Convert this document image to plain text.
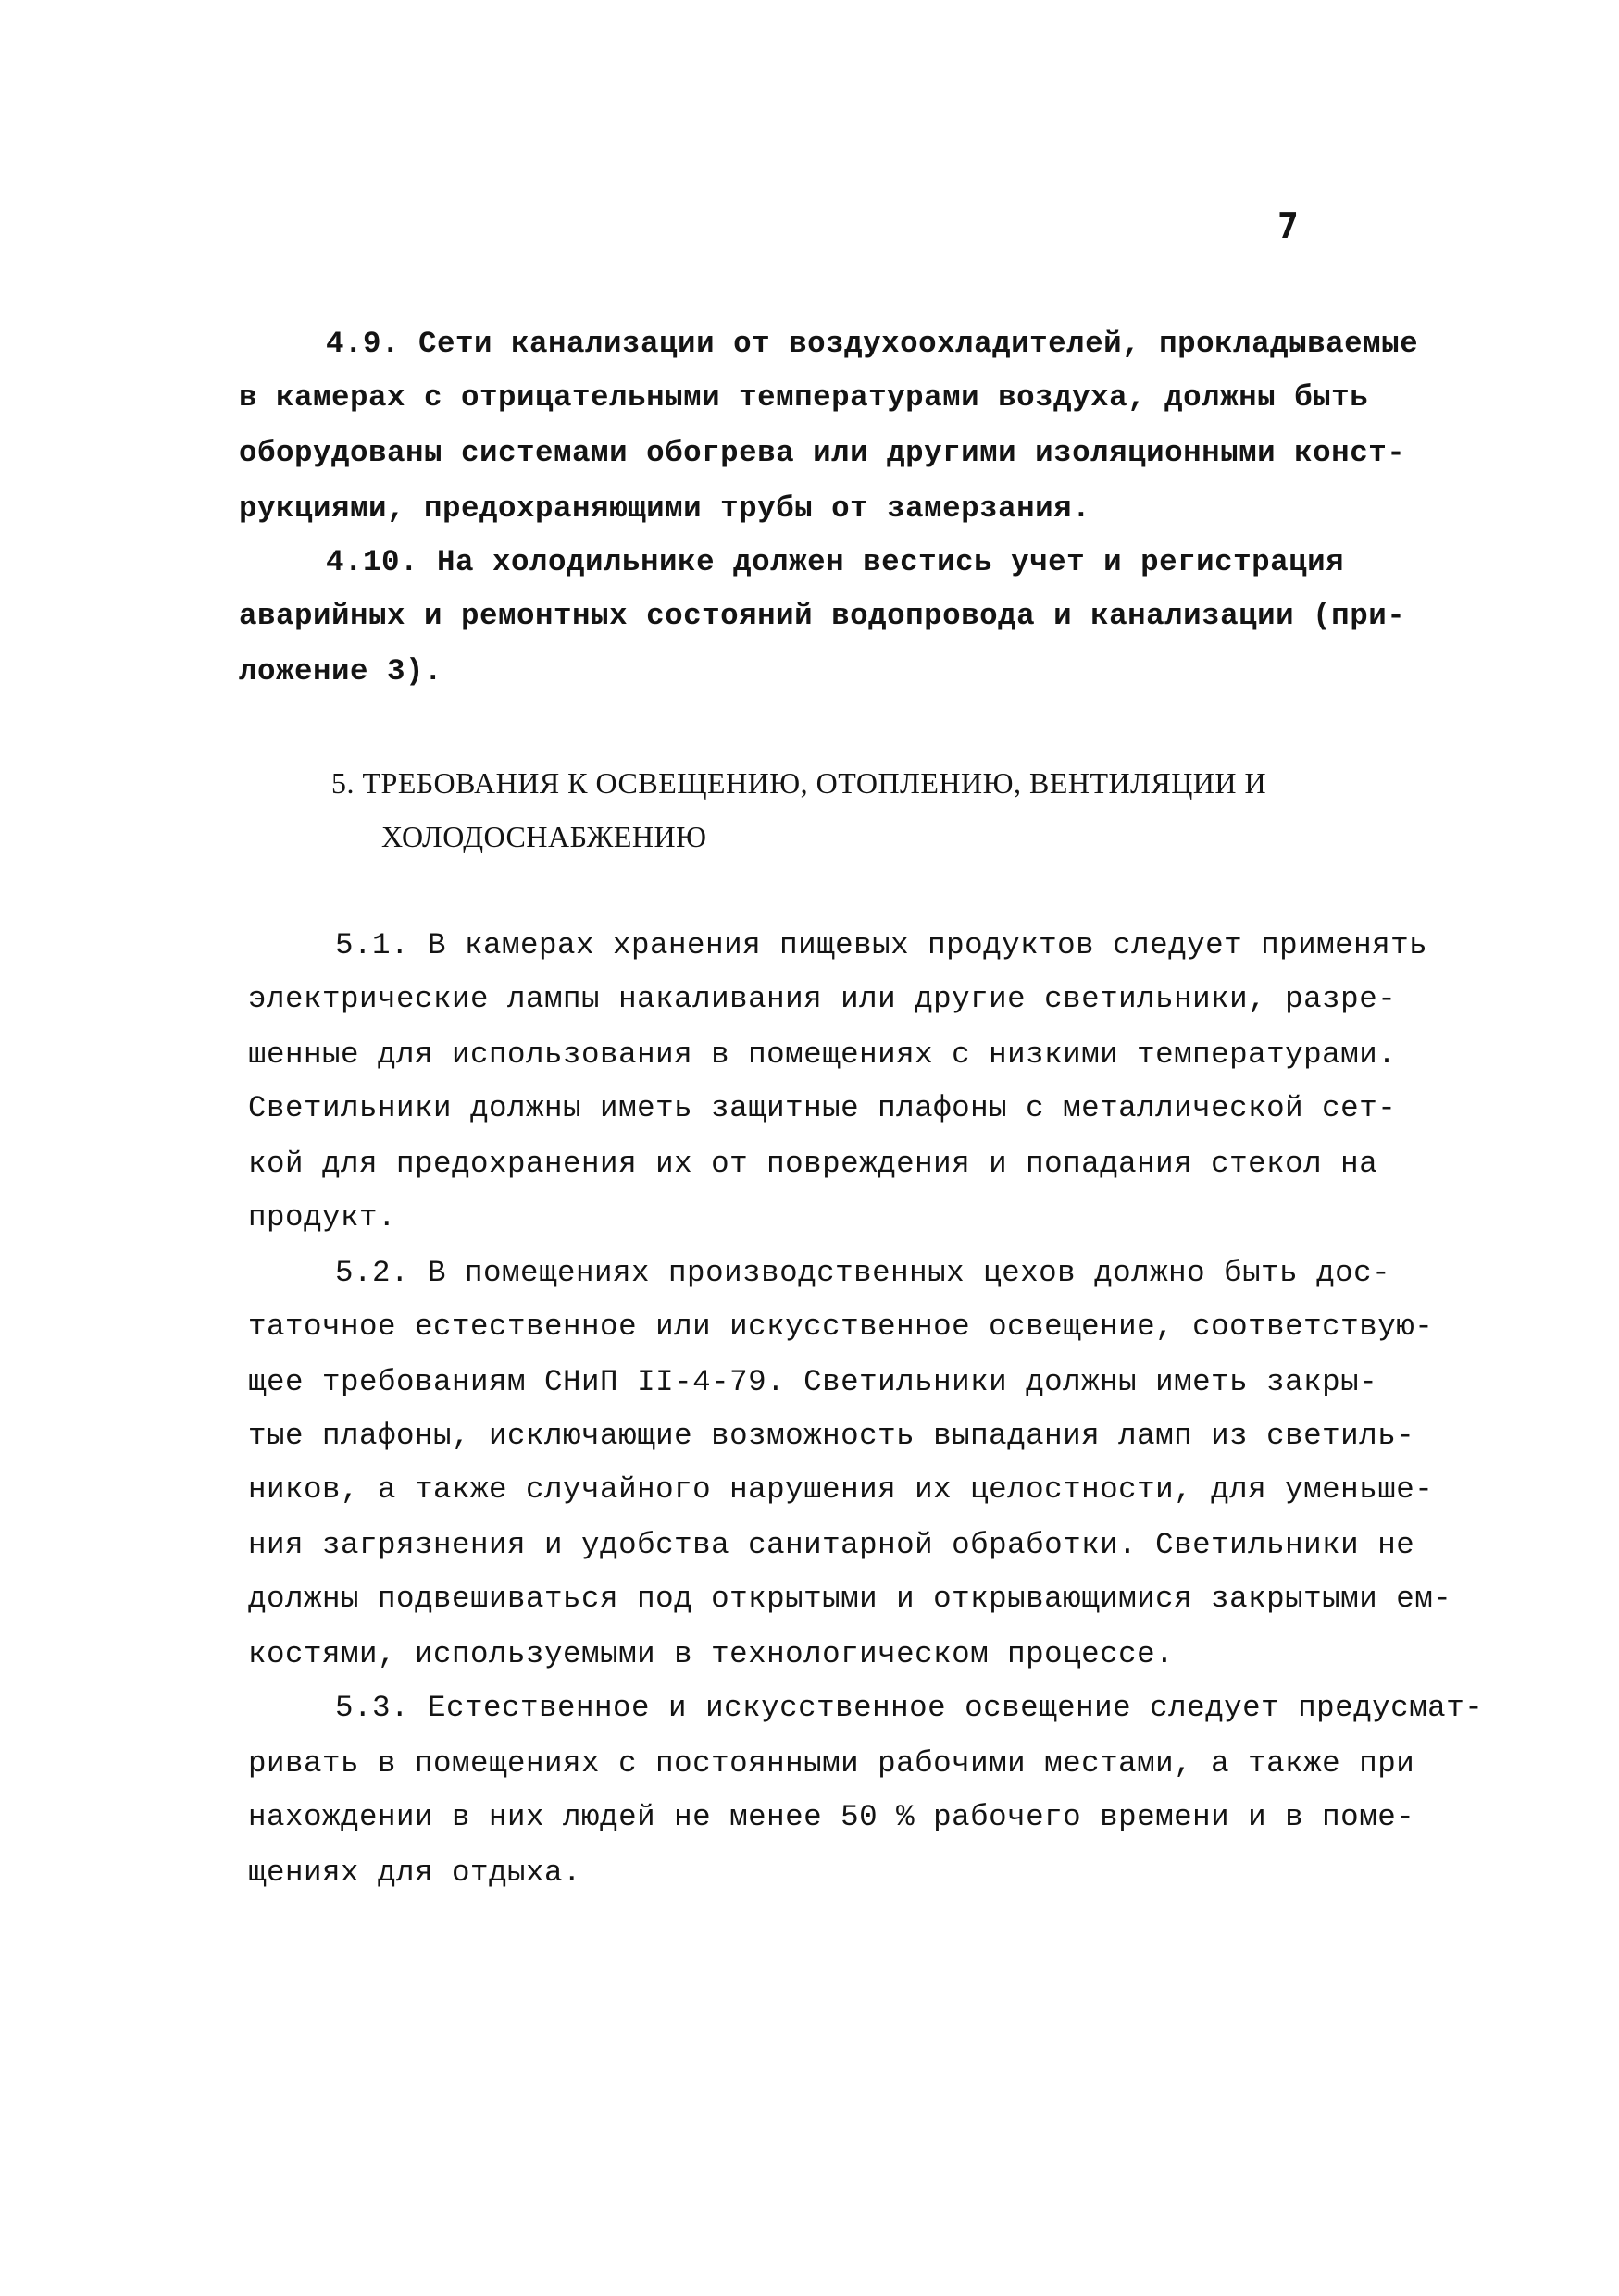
7
4.9. Сети канализации от воздухоохладителей, прокладываемые
в камерах с отрицательными температурами воздуха, должны быть
оборудованы системами обогрева или другими изоляционными конст-
рукциями, предохраняющими трубы от замерзания.
4.10. На холодильнике должен вестись учет и регистрация
аварийных и ремонтных состояний водопровода и канализации (при-
ложение 3).
5. ТРЕБОВАНИЯ К ОСВЕЩЕНИЮ, ОТОПЛЕНИЮ, ВЕНТИЛЯЦИИ И
ХОЛОДОСНАБЖЕНИЮ
5.1. В камерах хранения пищевых продуктов следует применять
электрические лампы накаливания или другие светильники, разре-
шенные для использования в помещениях с низкими температурами.
Светильники должны иметь защитные плафоны с металлической сет-
кой для предохранения их от повреждения и попадания стекол на
продукт.
5.2. В помещениях производственных цехов должно быть дос-
таточное естественное или искусственное освещение, соответствую-
щее требованиям СНиП II-4-79. Светильники должны иметь закры-
тые плафоны, исключающие возможность выпадания ламп из светиль-
ников, а также случайного нарушения их целостности, для уменьше-
ния загрязнения и удобства санитарной обработки. Светильники не
должны подвешиваться под открытыми и открывающимися закрытыми ем-
костями, используемыми в технологическом процессе.
5.3. Естественное и искусственное освещение следует предусмат-
ривать в помещениях с постоянными рабочими местами, а также при
нахождении в них людей не менее 50 % рабочего времени и в поме-
щениях для отдыха.
